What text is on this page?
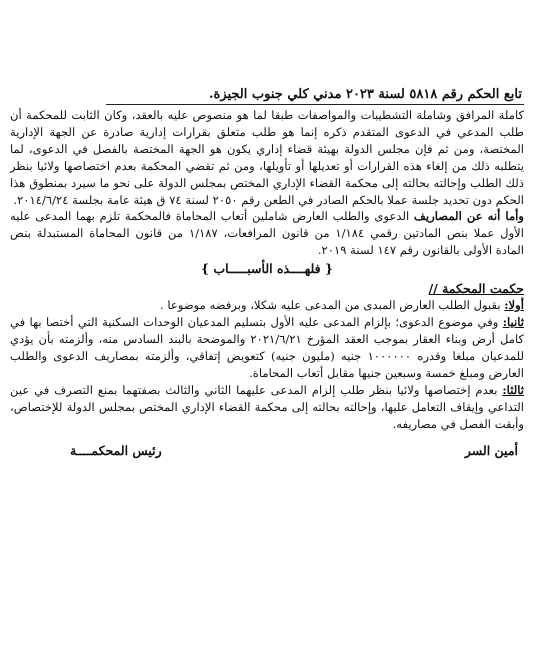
تابع الحكم رقم ٥٨١٨ لسنة ٢٠٢٣ مدني كلي جنوب الجيزة.

كاملة المرافق وشاملة التشطيبات والمواصفات طبقا لما هو منصوص عليه بالعقد، وكان الثابت للمحكمة أن طلب المدعي في الدعوى المتقدم ذكره إنما هو طلب متعلق بقرارات إدارية صادرة عن الجهة الإدارية المختصة، ومن ثم فإن مجلس الدولة بهيئة قضاء إداري يكون هو الجهة المختصة بالفصل في الدعوى، لما يتطلبه ذلك من إلغاء هذه القرارات أو تعديلها أو تأويلها، ومن ثم تقضي المحكمة بعدم اختصاصها ولائيا بنظر ذلك الطلب وإحالته بحالته إلى محكمة القضاء الإداري المختص بمجلس الدولة على نحو ما سيرد بمنطوق هذا الحكم دون تحديد جلسة عملا بالحكم الصادر في الطعن رقم ٢٠٥٠ لسنة ٧٤ ق هيئة عامة بجلسة ٢٠١٤/٦/٢٤.

وأما أنه عن المصاريف الدعوى والطلب العارض شاملين أتعاب المحاماة فالمحكمة تلزم بهما المدعى عليه الأول عملا بنص المادتين رقمي ١/١٨٤ من قانون المرافعات، ١/١٨٧ من قانون المحاماة المستبدلة بنص المادة الأولى بالقانون رقم ١٤٧ لسنة ٢٠١٩.

{ فلهــــذه الأسبـــــاب }

حكمت المحكمة //

أولا: بقبول الطلب العارض المبدى من المدعى عليه شكلا، وبرفضه موضوعا .

ثانيا: وفي موضوع الدعوى؛ بإلزام المدعى عليه الأول بتسليم المدعيان الوحدات السكنية التي أختصا بها في كامل أرض وبناء العقار بموجب العقد المؤرخ ٢٠٢١/٦/٢١ والموضحة بالبند السادس منه، وألزمته بأن يؤدي للمدعيان مبلغا وقدره ١٠٠٠٠٠٠ جنيه (مليون جنيه) كتعويض إتفاقي، وألزمته بمصاريف الدعوى والطلب العارض ومبلغ خمسة وسبعين جنيها مقابل أتعاب المحاماة.

ثالثا: بعدم إختصاصها ولائيا بنظر طلب إلزام المدعى عليهما الثاني والثالث بصفتهما بمنع التصرف في عين التداعي وإيقاف التعامل عليها، وإحالته بحالته إلى محكمة القضاء الإداري المختص بمجلس الدولة للإختصاص، وأبقت الفصل في مصاريفه.

أمين السر
رئيس المحكمــــة
